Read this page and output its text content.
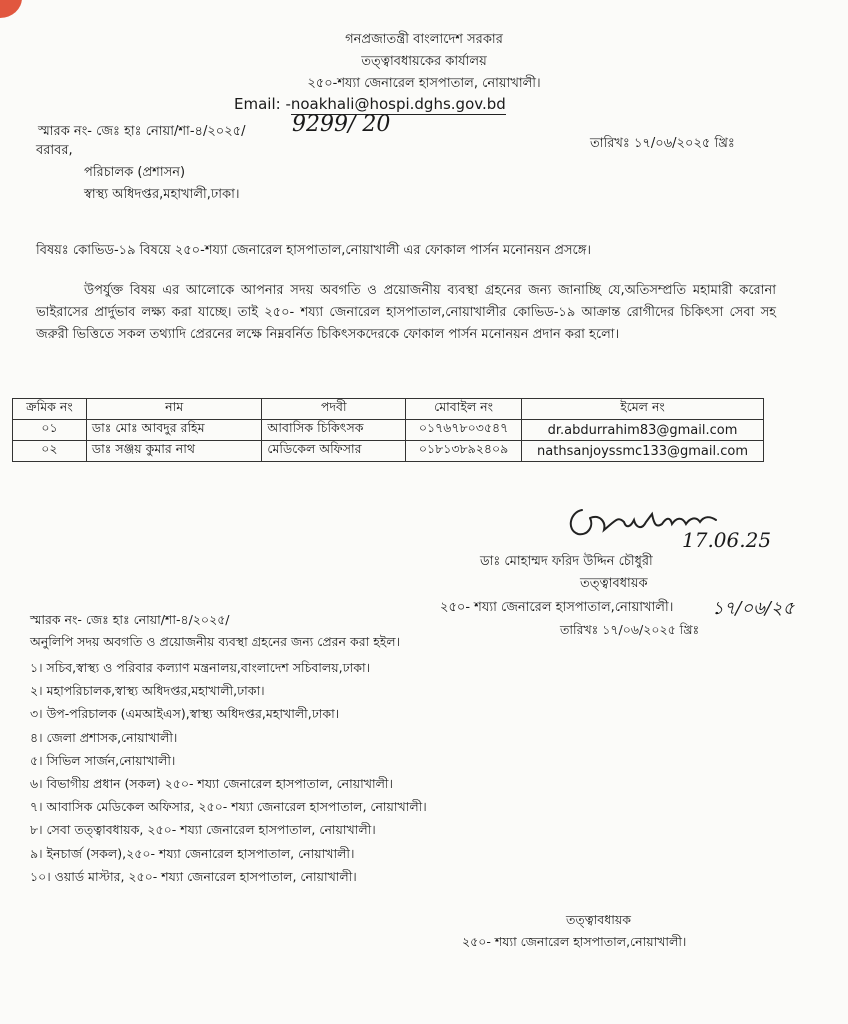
গনপ্রজাতন্ত্রী বাংলাদেশ সরকার
তত্ত্বাবধায়কের কার্যালয়
২৫০-শয্যা জেনারেল হাসপাতাল, নোয়াখালী।
Email: -noakhali@hospi.dghs.gov.bd
স্মারক নং- জেঃ হাঃ নোয়া/শা-৪/২০২৫/ 9299/ 20
তারিখঃ ১৭/০৬/২০২৫ খ্রিঃ
বরাবর,
পরিচালক (প্রশাসন)
স্বাস্থ্য অধিদপ্তর,মহাখালী,ঢাকা।
বিষয়ঃ কোভিড-১৯ বিষয়ে ২৫০-শয্যা জেনারেল হাসপাতাল,নোয়াখালী এর ফোকাল পার্সন মনোনয়ন প্রসঙ্গে।
উপর্যুক্ত বিষয় এর আলোকে আপনার সদয় অবগতি ও প্রয়োজনীয় ব্যবস্থা গ্রহনের জন্য জানাচ্ছি যে,অতিসম্প্রতি মহামারী করোনা ভাইরাসের প্রার্দুভাব লক্ষ্য করা যাচ্ছে। তাই ২৫০- শয্যা জেনারেল হাসপাতাল,নোয়াখালীর কোভিড-১৯ আক্রান্ত রোগীদের চিকিৎসা সেবা সহ জরুরী ভিত্তিতে সকল তথ্যাদি প্রেরনের লক্ষে নিম্নবর্নিত চিকিৎসকদেরকে ফোকাল পার্সন মনোনয়ন প্রদান করা হলো।
ক্রমিক নং	নাম	পদবী	মোবাইল নং	ইমেল নং
০১	ডাঃ মোঃ আবদুর রহিম	আবাসিক চিকিৎসক	০১৭৬৭৮০৩৫৪৭	dr.abdurrahim83@gmail.com
০২	ডাঃ সঞ্জয় কুমার নাথ	মেডিকেল অফিসার	০১৮১৩৮৯২৪০৯	nathsanjoyssmc133@gmail.com
17.06.25
ডাঃ মোহাম্মদ ফরিদ উদ্দিন চৌধুরী
তত্ত্বাবধায়ক
২৫০- শয্যা জেনারেল হাসপাতাল,নোয়াখালী। ১৭/০৬/২৫
স্মারক নং- জেঃ হাঃ নোয়া/শা-৪/২০২৫/
তারিখঃ ১৭/০৬/২০২৫ খ্রিঃ
অনুলিপি সদয় অবগতি ও প্রয়োজনীয় ব্যবস্থা গ্রহনের জন্য প্রেরন করা হইল।
১। সচিব,স্বাস্থ্য ও পরিবার কল্যাণ মন্ত্রনালয়,বাংলাদেশ সচিবালয়,ঢাকা।
২। মহাপরিচালক,স্বাস্থ্য অধিদপ্তর,মহাখালী,ঢাকা।
৩। উপ-পরিচালক (এমআইএস),স্বাস্থ্য অধিদপ্তর,মহাখালী,ঢাকা।
৪। জেলা প্রশাসক,নোয়াখালী।
৫। সিভিল সার্জন,নোয়াখালী।
৬। বিভাগীয় প্রধান (সকল) ২৫০- শয্যা জেনারেল হাসপাতাল, নোয়াখালী।
৭। আবাসিক মেডিকেল অফিসার, ২৫০- শয্যা জেনারেল হাসপাতাল, নোয়াখালী।
৮। সেবা তত্ত্বাবধায়ক, ২৫০- শয্যা জেনারেল হাসপাতাল, নোয়াখালী।
৯। ইনচার্জ (সকল),২৫০- শয্যা জেনারেল হাসপাতাল, নোয়াখালী।
১০। ওয়ার্ড মাস্টার, ২৫০- শয্যা জেনারেল হাসপাতাল, নোয়াখালী।
তত্ত্বাবধায়ক
২৫০- শয্যা জেনারেল হাসপাতাল,নোয়াখালী।
